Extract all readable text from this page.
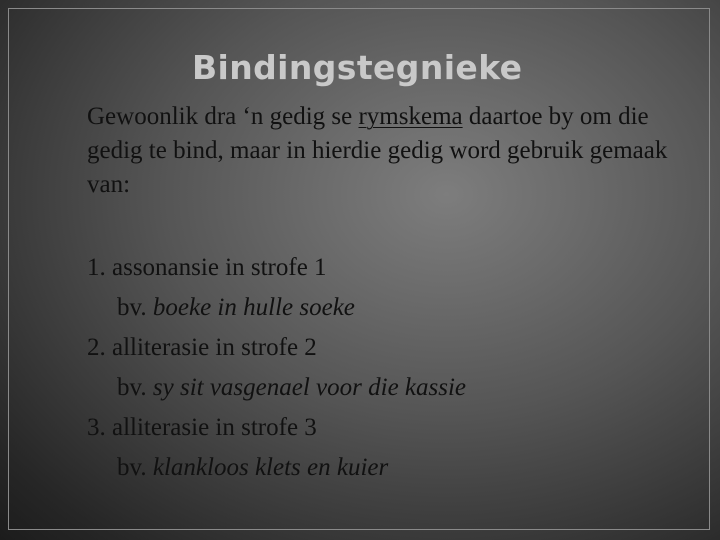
Bindingstegnieke

Gewoonlik dra ‘n gedig se rymskema daartoe by om die gedig te bind, maar in hierdie gedig word gebruik gemaak van:

1. assonansie in strofe 1
bv. boeke in hulle soeke
2. alliterasie in strofe 2
bv. sy sit vasgenael voor die kassie
3. alliterasie in strofe 3
bv. klankloos klets en kuier
